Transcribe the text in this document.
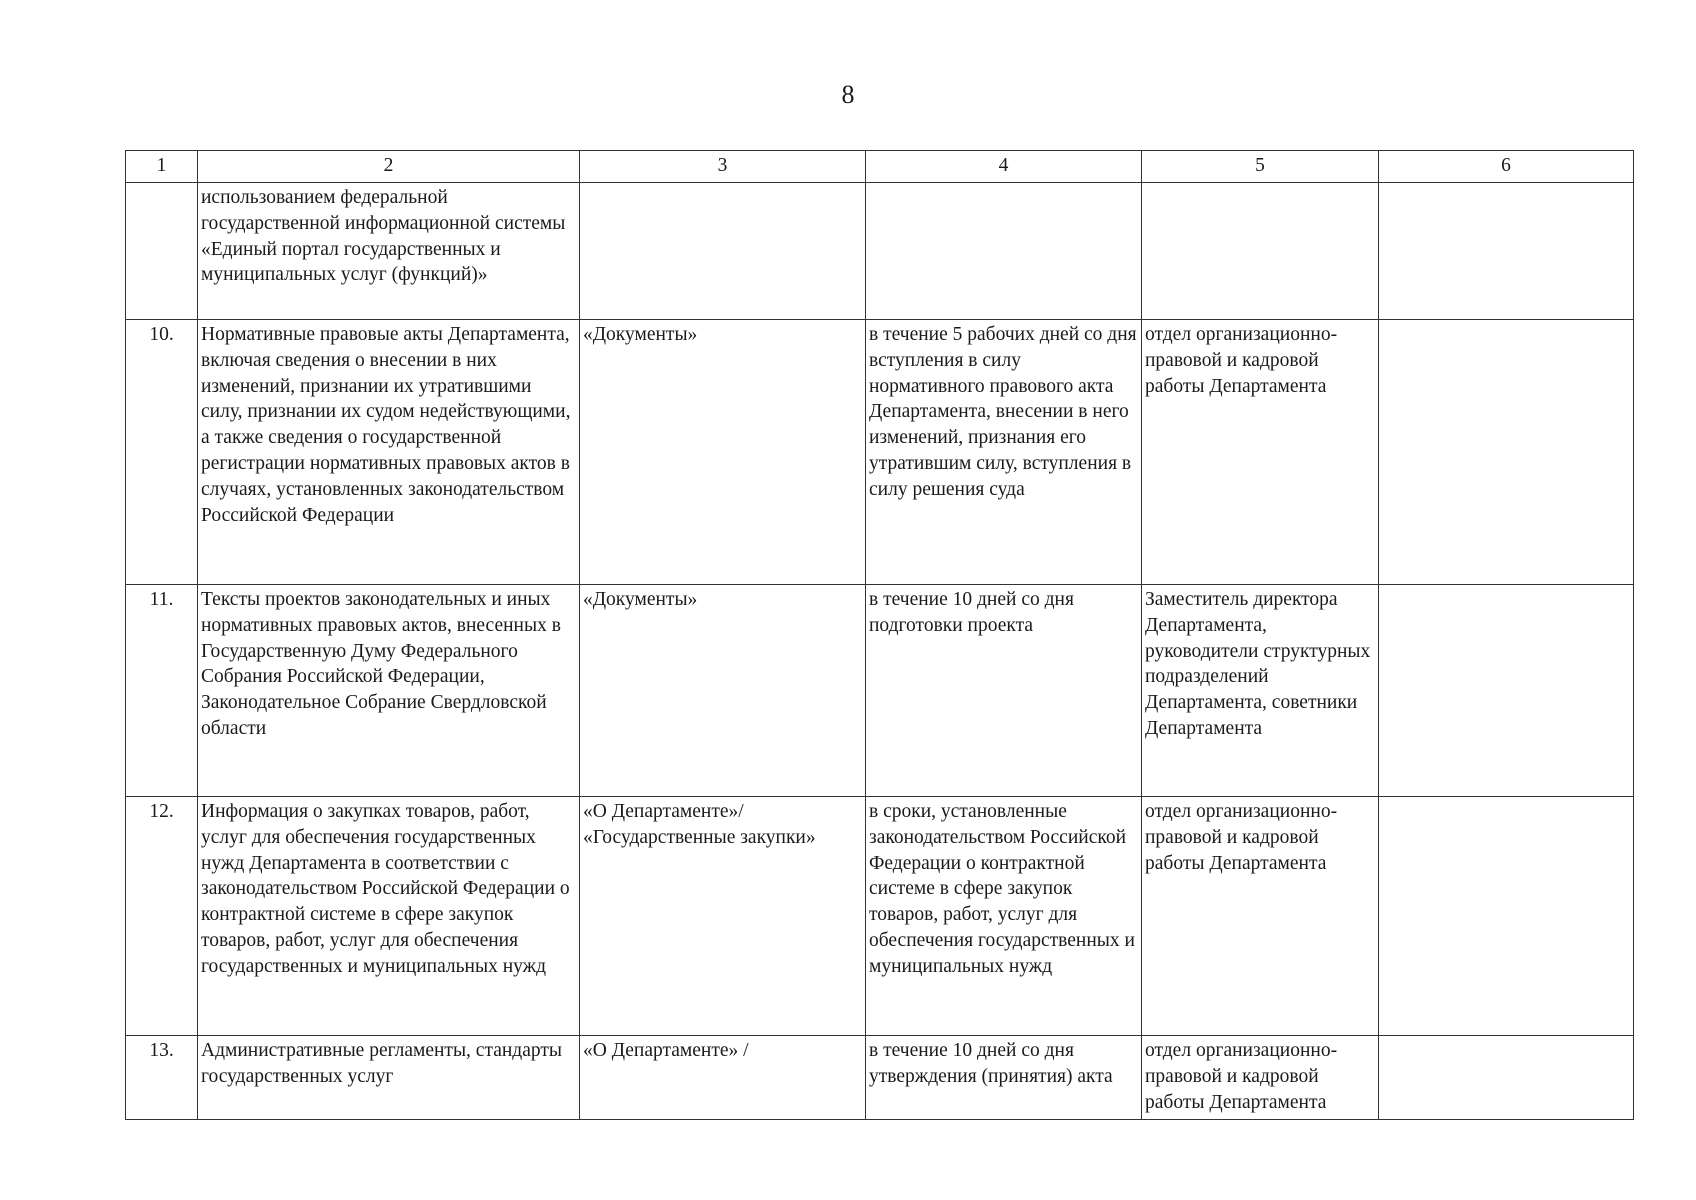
8
1	2	3	4	5	6
	использованием федеральной государственной информационной системы «Единый портал государственных и муниципальных услуг (функций)»				
10.	Нормативные правовые акты Департамента, включая сведения о внесении в них изменений, признании их утратившими силу, признании их судом недействующими, а также сведения о государственной регистрации нормативных правовых актов в случаях, установленных законодательством Российской Федерации	«Документы»	в течение 5 рабочих дней со дня вступления в силу нормативного правового акта Департамента, внесении в него изменений, признания его утратившим силу, вступления в силу решения суда	отдел организационно-правовой и кадровой работы Департамента	
11.	Тексты проектов законодательных и иных нормативных правовых актов, внесенных в Государственную Думу Федерального Собрания Российской Федерации, Законодательное Собрание Свердловской области	«Документы»	в течение 10 дней со дня подготовки проекта	Заместитель директора Департамента, руководители структурных подразделений Департамента, советники Департамента	
12.	Информация о закупках товаров, работ, услуг для обеспечения государственных нужд Департамента в соответствии с законодательством Российской Федерации о контрактной системе в сфере закупок товаров, работ, услуг для обеспечения государственных и муниципальных нужд	«О Департаменте»/ «Государственные закупки»	в сроки, установленные законодательством Российской Федерации о контрактной системе в сфере закупок товаров, работ, услуг для обеспечения государственных и муниципальных нужд	отдел организационно-правовой и кадровой работы Департамента	
13.	Административные регламенты, стандарты государственных услуг	«О Департаменте» /	в течение 10 дней со дня утверждения (принятия) акта	отдел организационно-правовой и кадровой работы Департамента	
